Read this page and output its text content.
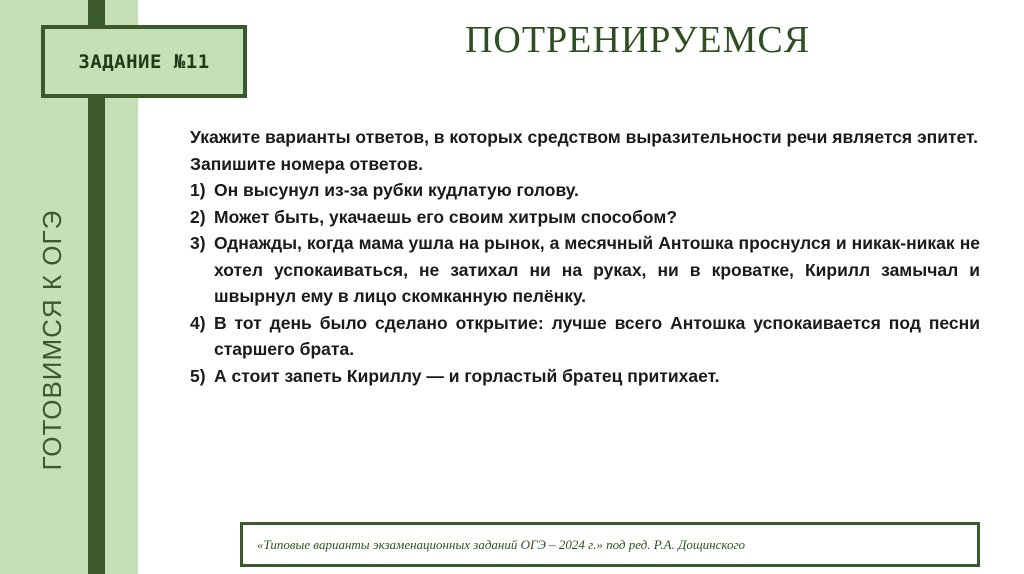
ЗАДАНИЕ №11
ГОТОВИМСЯ К ОГЭ
ПОТРЕНИРУЕМСЯ

Укажите варианты ответов, в которых средством выразительности речи является эпитет.

Запишите номера ответов.

1) Он высунул из-за рубки кудлатую голову.
2) Может быть, укачаешь его своим хитрым способом?
3) Однажды, когда мама ушла на рынок, а месячный Антошка проснулся и никак-никак не хотел успокаиваться, не затихал ни на руках, ни в кроватке, Кирилл замычал и швырнул ему в лицо скомканную пелёнку.
4) В тот день было сделано открытие: лучше всего Антошка успокаивается под песни старшего брата.
5) А стоит запеть Кириллу — и горластый братец притихает.
«Типовые варианты экзаменационных заданий ОГЭ – 2024 г.» под ред. Р.А. Дощинского
